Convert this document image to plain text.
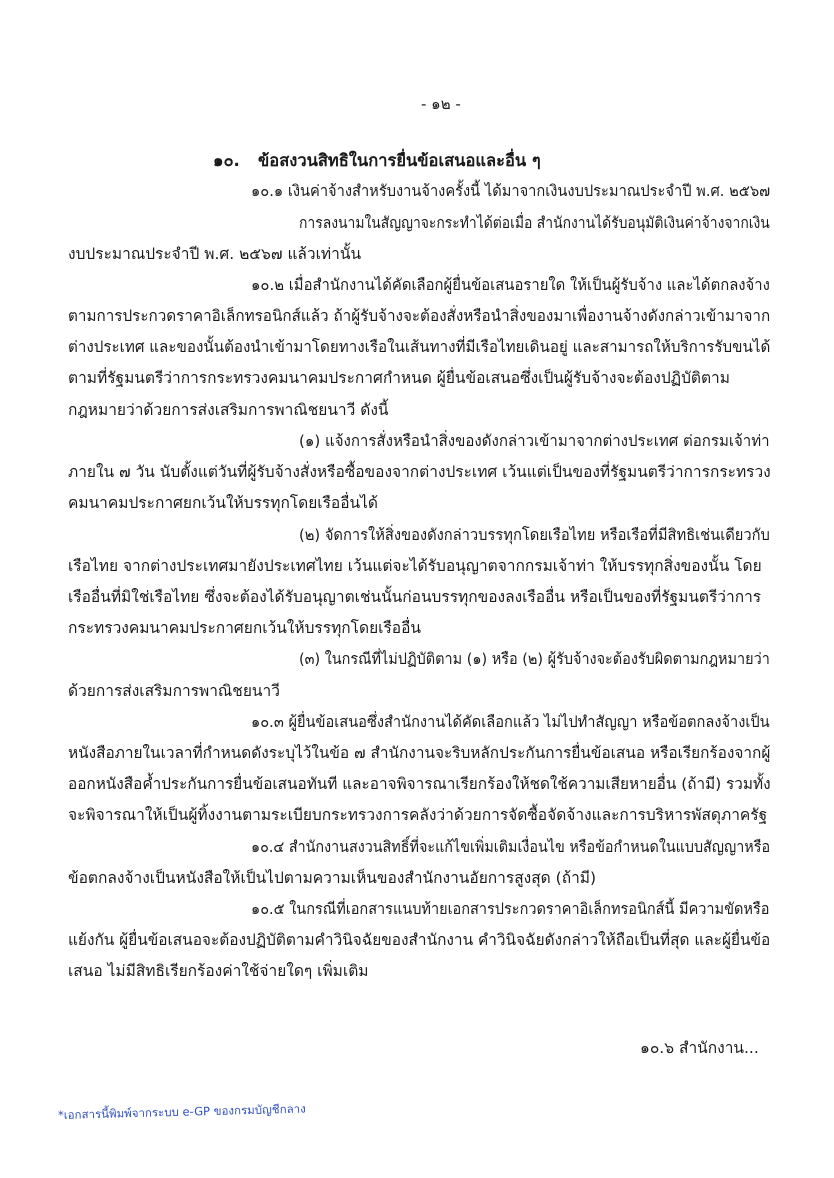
- ๑๒ -
๑๐. ข้อสงวนสิทธิในการยื่นข้อเสนอและอื่น ๆ
๑๐.๑ เงินค่าจ้างสำหรับงานจ้างครั้งนี้ ได้มาจากเงินงบประมาณประจำปี พ.ศ. ๒๕๖๗
การลงนามในสัญญาจะกระทำได้ต่อเมื่อ สำนักงานได้รับอนุมัติเงินค่าจ้างจากเงิน
งบประมาณประจำปี พ.ศ. ๒๕๖๗ แล้วเท่านั้น
๑๐.๒ เมื่อสำนักงานได้คัดเลือกผู้ยื่นข้อเสนอรายใด ให้เป็นผู้รับจ้าง และได้ตกลงจ้าง
ตามการประกวดราคาอิเล็กทรอนิกส์แล้ว ถ้าผู้รับจ้างจะต้องสั่งหรือนำสิ่งของมาเพื่องานจ้างดังกล่าวเข้ามาจาก
ต่างประเทศ และของนั้นต้องนำเข้ามาโดยทางเรือในเส้นทางที่มีเรือไทยเดินอยู่ และสามารถให้บริการรับขนได้
ตามที่รัฐมนตรีว่าการกระทรวงคมนาคมประกาศกำหนด ผู้ยื่นข้อเสนอซึ่งเป็นผู้รับจ้างจะต้องปฏิบัติตาม
กฎหมายว่าด้วยการส่งเสริมการพาณิชยนาวี ดังนี้
(๑) แจ้งการสั่งหรือนำสิ่งของดังกล่าวเข้ามาจากต่างประเทศ ต่อกรมเจ้าท่า
ภายใน ๗ วัน นับตั้งแต่วันที่ผู้รับจ้างสั่งหรือซื้อของจากต่างประเทศ เว้นแต่เป็นของที่รัฐมนตรีว่าการกระทรวง
คมนาคมประกาศยกเว้นให้บรรทุกโดยเรืออื่นได้
(๒) จัดการให้สิ่งของดังกล่าวบรรทุกโดยเรือไทย หรือเรือที่มีสิทธิเช่นเดียวกับ
เรือไทย จากต่างประเทศมายังประเทศไทย เว้นแต่จะได้รับอนุญาตจากกรมเจ้าท่า ให้บรรทุกสิ่งของนั้น โดย
เรืออื่นที่มิใช่เรือไทย ซึ่งจะต้องได้รับอนุญาตเช่นนั้นก่อนบรรทุกของลงเรืออื่น หรือเป็นของที่รัฐมนตรีว่าการ
กระทรวงคมนาคมประกาศยกเว้นให้บรรทุกโดยเรืออื่น
(๓) ในกรณีที่ไม่ปฏิบัติตาม (๑) หรือ (๒) ผู้รับจ้างจะต้องรับผิดตามกฎหมายว่า
ด้วยการส่งเสริมการพาณิชยนาวี
๑๐.๓ ผู้ยื่นข้อเสนอซึ่งสำนักงานได้คัดเลือกแล้ว ไม่ไปทำสัญญา หรือข้อตกลงจ้างเป็น
หนังสือภายในเวลาที่กำหนดดังระบุไว้ในข้อ ๗ สำนักงานจะริบหลักประกันการยื่นข้อเสนอ หรือเรียกร้องจากผู้
ออกหนังสือค้ำประกันการยื่นข้อเสนอทันที และอาจพิจารณาเรียกร้องให้ชดใช้ความเสียหายอื่น (ถ้ามี) รวมทั้ง
จะพิจารณาให้เป็นผู้ทิ้งงานตามระเบียบกระทรวงการคลังว่าด้วยการจัดซื้อจัดจ้างและการบริหารพัสดุภาครัฐ
๑๐.๔ สำนักงานสงวนสิทธิ์ที่จะแก้ไขเพิ่มเติมเงื่อนไข หรือข้อกำหนดในแบบสัญญาหรือ
ข้อตกลงจ้างเป็นหนังสือให้เป็นไปตามความเห็นของสำนักงานอัยการสูงสุด (ถ้ามี)
๑๐.๕ ในกรณีที่เอกสารแนบท้ายเอกสารประกวดราคาอิเล็กทรอนิกส์นี้ มีความขัดหรือ
แย้งกัน ผู้ยื่นข้อเสนอจะต้องปฏิบัติตามคำวินิจฉัยของสำนักงาน คำวินิจฉัยดังกล่าวให้ถือเป็นที่สุด และผู้ยื่นข้อ
เสนอ ไม่มีสิทธิเรียกร้องค่าใช้จ่ายใดๆ เพิ่มเติม
๑๐.๖ สำนักงาน...
*เอกสารนี้พิมพ์จากระบบ e-GP ของกรมบัญชีกลาง
